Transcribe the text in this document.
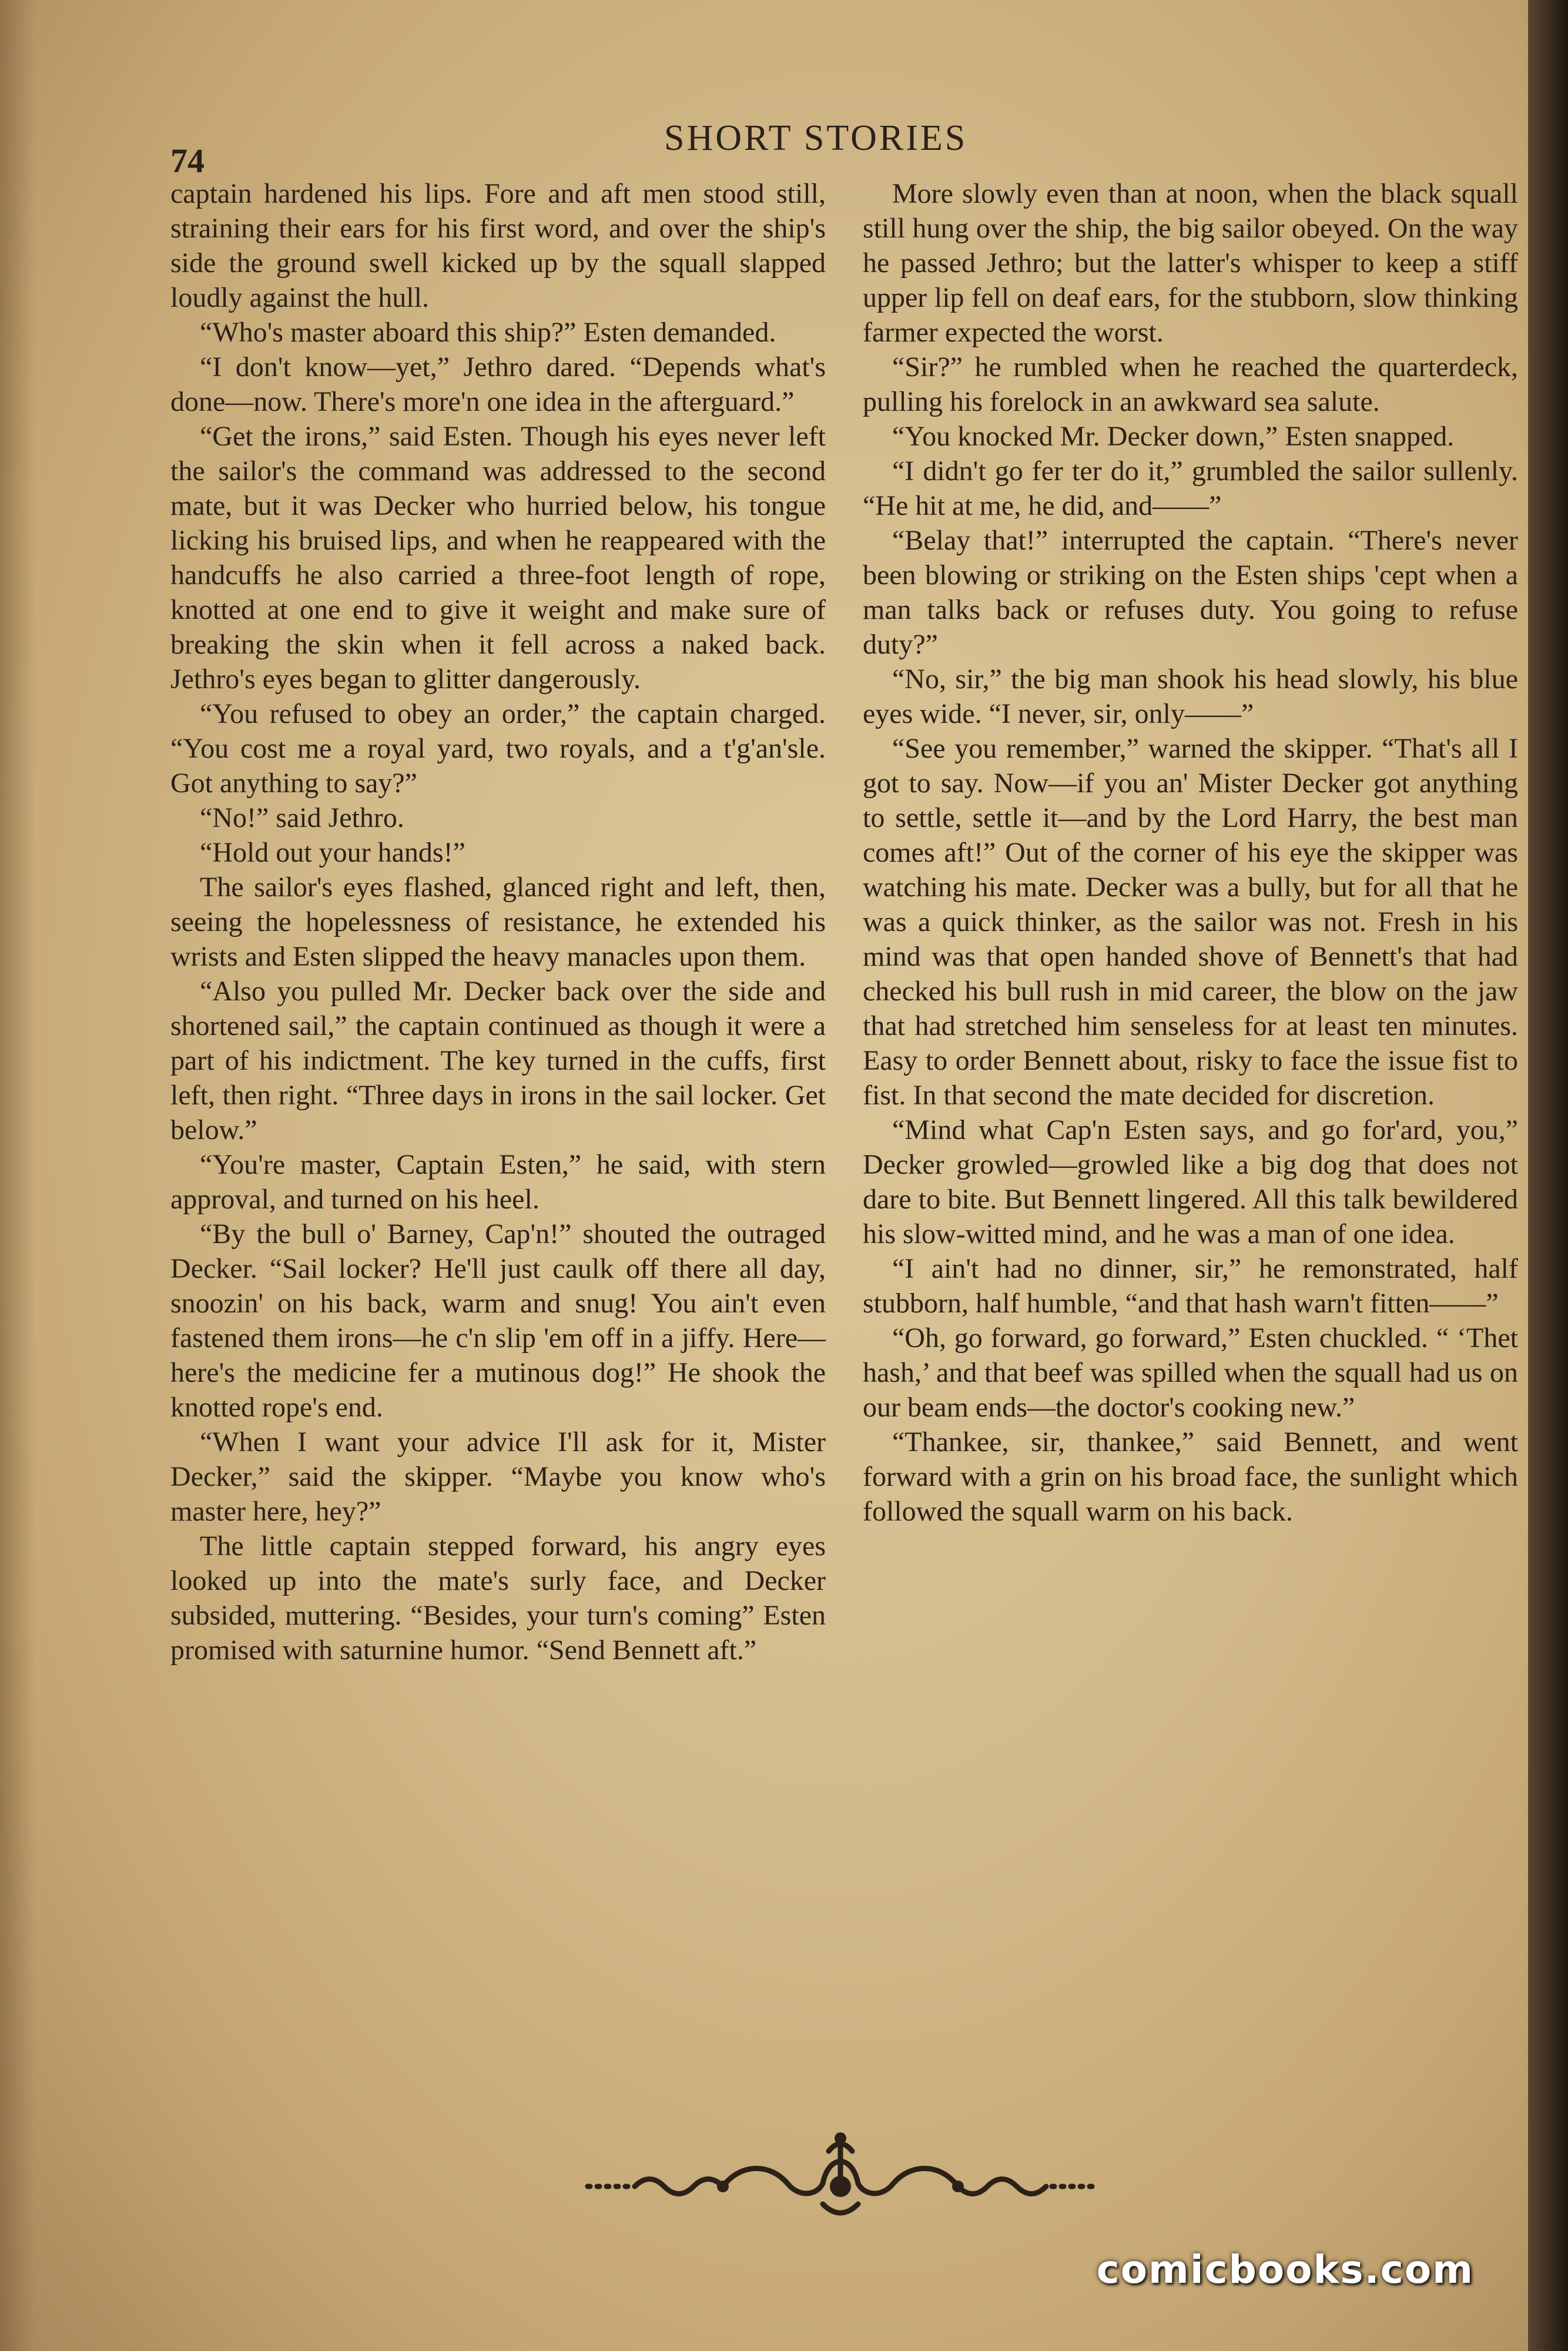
74

SHORT STORIES

captain hardened his lips. Fore and aft men stood still, straining their ears for his first word, and over the ship's side the ground swell kicked up by the squall slapped loudly against the hull.

“Who's master aboard this ship?” Esten demanded.

“I don't know—yet,” Jethro dared. “Depends what's done—now. There's more'n one idea in the afterguard.”

“Get the irons,” said Esten. Though his eyes never left the sailor's the command was addressed to the second mate, but it was Decker who hurried below, his tongue licking his bruised lips, and when he reappeared with the handcuffs he also carried a three-foot length of rope, knotted at one end to give it weight and make sure of breaking the skin when it fell across a naked back. Jethro's eyes began to glitter dangerously.

“You refused to obey an order,” the captain charged. “You cost me a royal yard, two royals, and a t'g'an'sle. Got anything to say?”

“No!” said Jethro.

“Hold out your hands!”

The sailor's eyes flashed, glanced right and left, then, seeing the hopelessness of resistance, he extended his wrists and Esten slipped the heavy manacles upon them.

“Also you pulled Mr. Decker back over the side and shortened sail,” the captain continued as though it were a part of his indictment. The key turned in the cuffs, first left, then right. “Three days in irons in the sail locker. Get below.”

“You're master, Captain Esten,” he said, with stern approval, and turned on his heel.

“By the bull o' Barney, Cap'n!” shouted the outraged Decker. “Sail locker? He'll just caulk off there all day, snoozin' on his back, warm and snug! You ain't even fastened them irons—he c'n slip 'em off in a jiffy. Here—here's the medicine fer a mutinous dog!” He shook the knotted rope's end.

“When I want your advice I'll ask for it, Mister Decker,” said the skipper. “Maybe you know who's master here, hey?”

The little captain stepped forward, his angry eyes looked up into the mate's surly face, and Decker subsided, muttering. “Besides, your turn's coming” Esten promised with saturnine humor. “Send Bennett aft.”

More slowly even than at noon, when the black squall still hung over the ship, the big sailor obeyed. On the way he passed Jethro; but the latter's whisper to keep a stiff upper lip fell on deaf ears, for the stubborn, slow thinking farmer expected the worst.

“Sir?” he rumbled when he reached the quarterdeck, pulling his forelock in an awkward sea salute.

“You knocked Mr. Decker down,” Esten snapped.

“I didn't go fer ter do it,” grumbled the sailor sullenly. “He hit at me, he did, and——”

“Belay that!” interrupted the captain. “There's never been blowing or striking on the Esten ships 'cept when a man talks back or refuses duty. You going to refuse duty?”

“No, sir,” the big man shook his head slowly, his blue eyes wide. “I never, sir, only——”

“See you remember,” warned the skipper. “That's all I got to say. Now—if you an' Mister Decker got anything to settle, settle it—and by the Lord Harry, the best man comes aft!” Out of the corner of his eye the skipper was watching his mate. Decker was a bully, but for all that he was a quick thinker, as the sailor was not. Fresh in his mind was that open handed shove of Bennett's that had checked his bull rush in mid career, the blow on the jaw that had stretched him senseless for at least ten minutes. Easy to order Bennett about, risky to face the issue fist to fist. In that second the mate decided for discretion.

“Mind what Cap'n Esten says, and go for'ard, you,” Decker growled—growled like a big dog that does not dare to bite. But Bennett lingered. All this talk bewildered his slow-witted mind, and he was a man of one idea.

“I ain't had no dinner, sir,” he remonstrated, half stubborn, half humble, “and that hash warn't fitten——”

“Oh, go forward, go forward,” Esten chuckled. “ ‘Thet hash,’ and that beef was spilled when the squall had us on our beam ends—the doctor's cooking new.”

“Thankee, sir, thankee,” said Bennett, and went forward with a grin on his broad face, the sunlight which followed the squall warm on his back.

comicbooks.com
